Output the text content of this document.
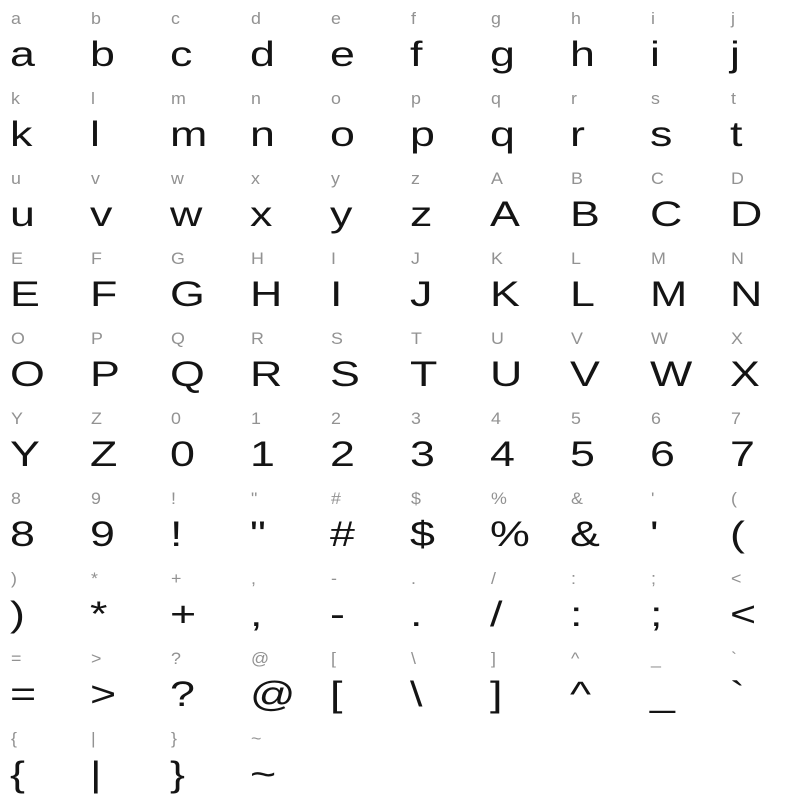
a
a
b
b
c
c
d
d
e
e
f
f
g
g
h
h
i
i
j
j
k
k
l
l
m
m
n
n
o
o
p
p
q
q
r
r
s
s
t
t
u
u
v
v
w
w
x
x
y
y
z
z
A
A
B
B
C
C
D
D
E
E
F
F
G
G
H
H
I
I
J
J
K
K
L
L
M
M
N
N
O
O
P
P
Q
Q
R
R
S
S
T
T
U
U
V
V
W
W
X
X
Y
Y
Z
Z
0
0
1
1
2
2
3
3
4
4
5
5
6
6
7
7
8
8
9
9
!
!
"
"
#
#
$
$
%
%
&
&
'
'
(
(
)
)
*
*
+
+
,
,
-
-
.
.
/
/
:
:
;
;
<
<
=
=
>
>
?
?
@
@
[
[
\
\
]
]
^
^
_
_
`
`
{
{
|
|
}
}
~
~
